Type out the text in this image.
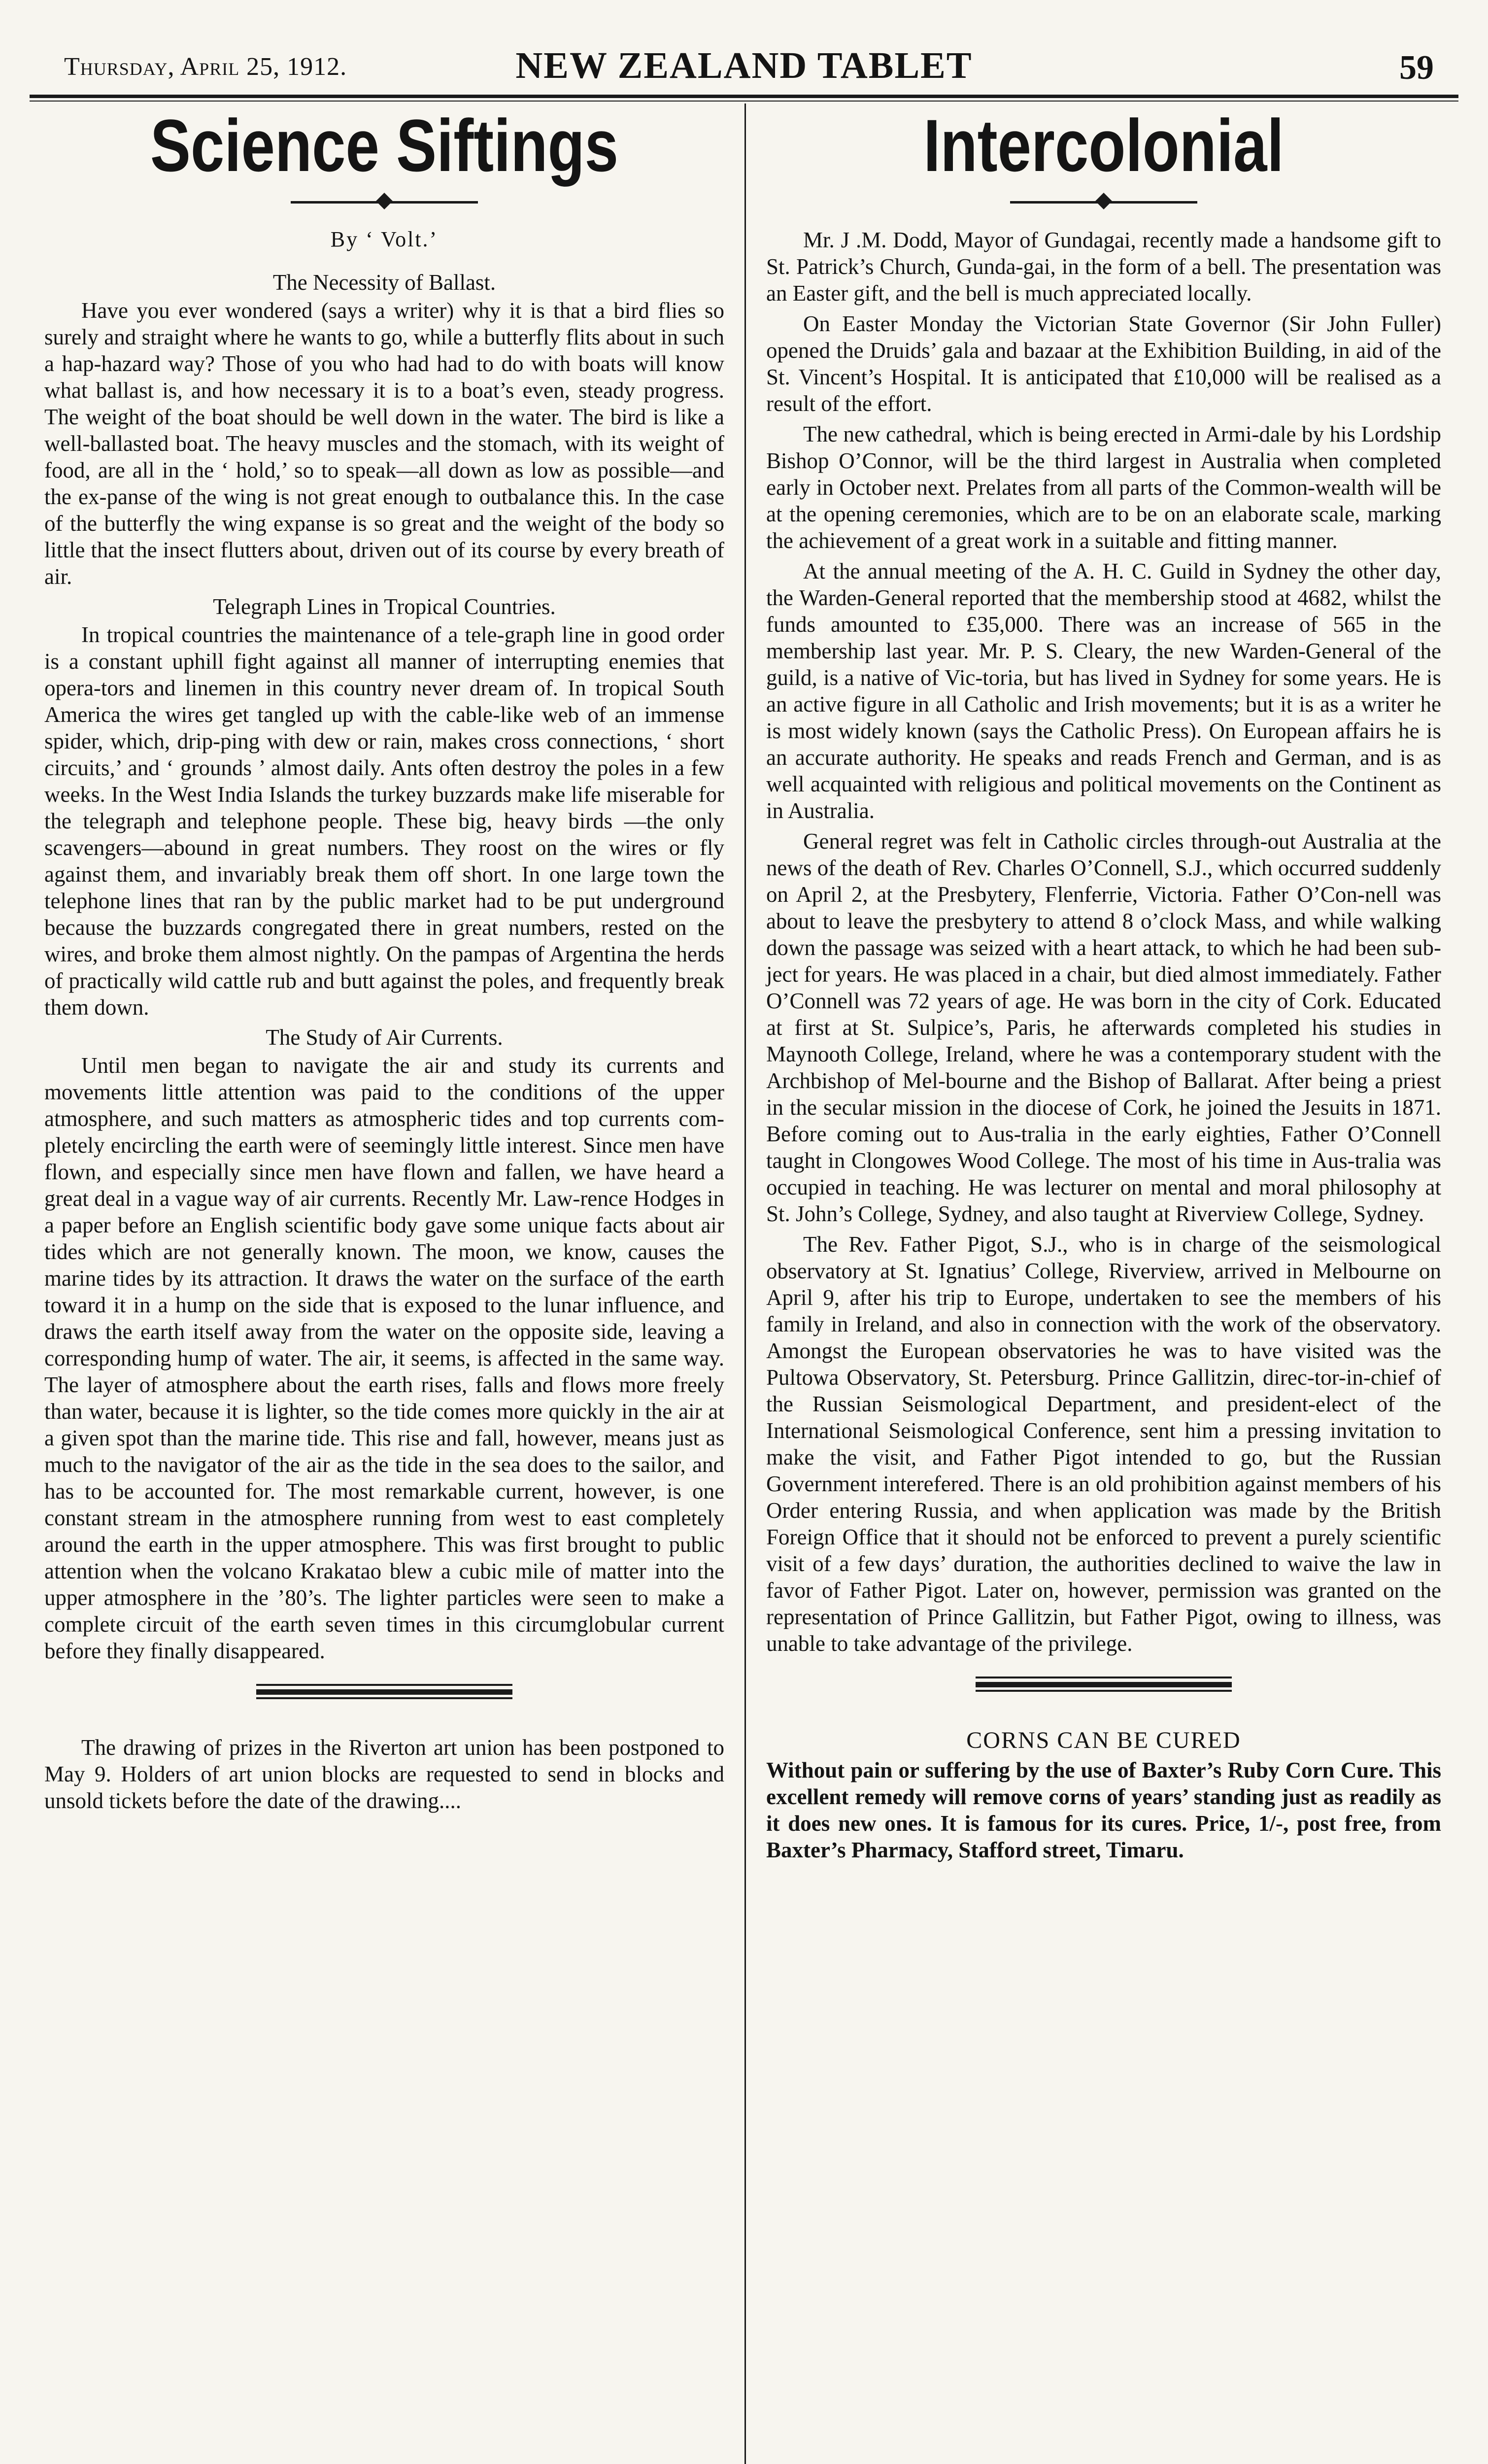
Thursday, April 25, 1912.	NEW ZEALAND TABLET	59
Science Siftings
By ‘ Volt.’
The Necessity of Ballast.

Have you ever wondered (says a writer) why it is that a bird flies so surely and straight where he wants to go, while a butterfly flits about in such a hap-hazard way? Those of you who had had to do with boats will know what ballast is, and how necessary it is to a boat’s even, steady progress. The weight of the boat should be well down in the water. The bird is like a well-ballasted boat. The heavy muscles and the stomach, with its weight of food, are all in the ‘ hold,’ so to speak—all down as low as possible—and the ex-panse of the wing is not great enough to outbalance this. In the case of the butterfly the wing expanse is so great and the weight of the body so little that the insect flutters about, driven out of its course by every breath of air.

Telegraph Lines in Tropical Countries.

In tropical countries the maintenance of a tele-graph line in good order is a constant uphill fight against all manner of interrupting enemies that opera-tors and linemen in this country never dream of. In tropical South America the wires get tangled up with the cable-like web of an immense spider, which, drip-ping with dew or rain, makes cross connections, ‘ short circuits,’ and ‘ grounds ’ almost daily. Ants often destroy the poles in a few weeks. In the West India Islands the turkey buzzards make life miserable for the telegraph and telephone people. These big, heavy birds —the only scavengers—abound in great numbers. They roost on the wires or fly against them, and invariably break them off short. In one large town the telephone lines that ran by the public market had to be put underground because the buzzards congregated there in great numbers, rested on the wires, and broke them almost nightly. On the pampas of Argentina the herds of practically wild cattle rub and butt against the poles, and frequently break them down.

The Study of Air Currents.

Until men began to navigate the air and study its currents and movements little attention was paid to the conditions of the upper atmosphere, and such matters as atmospheric tides and top currents com-pletely encircling the earth were of seemingly little interest. Since men have flown, and especially since men have flown and fallen, we have heard a great deal in a vague way of air currents. Recently Mr. Law-rence Hodges in a paper before an English scientific body gave some unique facts about air tides which are not generally known. The moon, we know, causes the marine tides by its attraction. It draws the water on the surface of the earth toward it in a hump on the side that is exposed to the lunar influence, and draws the earth itself away from the water on the opposite side, leaving a corresponding hump of water. The air, it seems, is affected in the same way. The layer of atmosphere about the earth rises, falls and flows more freely than water, because it is lighter, so the tide comes more quickly in the air at a given spot than the marine tide. This rise and fall, however, means just as much to the navigator of the air as the tide in the sea does to the sailor, and has to be accounted for. The most remarkable current, however, is one constant stream in the atmosphere running from west to east completely around the earth in the upper atmosphere. This was first brought to public attention when the volcano Krakatao blew a cubic mile of matter into the upper atmosphere in the ’80’s. The lighter particles were seen to make a complete circuit of the earth seven times in this circumglobular current before they finally disappeared.

The drawing of prizes in the Riverton art union has been postponed to May 9. Holders of art union blocks are requested to send in blocks and unsold tickets before the date of the drawing....

Intercolonial

Mr. J .M. Dodd, Mayor of Gundagai, recently made a handsome gift to St. Patrick’s Church, Gunda-gai, in the form of a bell. The presentation was an Easter gift, and the bell is much appreciated locally.

On Easter Monday the Victorian State Governor (Sir John Fuller) opened the Druids’ gala and bazaar at the Exhibition Building, in aid of the St. Vincent’s Hospital. It is anticipated that £10,000 will be realised as a result of the effort.

The new cathedral, which is being erected in Armi-dale by his Lordship Bishop O’Connor, will be the third largest in Australia when completed early in October next. Prelates from all parts of the Common-wealth will be at the opening ceremonies, which are to be on an elaborate scale, marking the achievement of a great work in a suitable and fitting manner.

At the annual meeting of the A. H. C. Guild in Sydney the other day, the Warden-General reported that the membership stood at 4682, whilst the funds amounted to £35,000. There was an increase of 565 in the membership last year. Mr. P. S. Cleary, the new Warden-General of the guild, is a native of Vic-toria, but has lived in Sydney for some years. He is an active figure in all Catholic and Irish movements; but it is as a writer he is most widely known (says the Catholic Press). On European affairs he is an accurate authority. He speaks and reads French and German, and is as well acquainted with religious and political movements on the Continent as in Australia.

General regret was felt in Catholic circles through-out Australia at the news of the death of Rev. Charles O’Connell, S.J., which occurred suddenly on April 2, at the Presbytery, Flenferrie, Victoria. Father O’Con-nell was about to leave the presbytery to attend 8 o’clock Mass, and while walking down the passage was seized with a heart attack, to which he had been sub-ject for years. He was placed in a chair, but died almost immediately. Father O’Connell was 72 years of age. He was born in the city of Cork. Educated at first at St. Sulpice’s, Paris, he afterwards completed his studies in Maynooth College, Ireland, where he was a contemporary student with the Archbishop of Mel-bourne and the Bishop of Ballarat. After being a priest in the secular mission in the diocese of Cork, he joined the Jesuits in 1871. Before coming out to Aus-tralia in the early eighties, Father O’Connell taught in Clongowes Wood College. The most of his time in Aus-tralia was occupied in teaching. He was lecturer on mental and moral philosophy at St. John’s College, Sydney, and also taught at Riverview College, Sydney.

The Rev. Father Pigot, S.J., who is in charge of the seismological observatory at St. Ignatius’ College, Riverview, arrived in Melbourne on April 9, after his trip to Europe, undertaken to see the members of his family in Ireland, and also in connection with the work of the observatory. Amongst the European observatories he was to have visited was the Pultowa Observatory, St. Petersburg. Prince Gallitzin, direc-tor-in-chief of the Russian Seismological Department, and president-elect of the International Seismological Conference, sent him a pressing invitation to make the visit, and Father Pigot intended to go, but the Russian Government interefered. There is an old prohibition against members of his Order entering Russia, and when application was made by the British Foreign Office that it should not be enforced to prevent a purely scientific visit of a few days’ duration, the authorities declined to waive the law in favor of Father Pigot. Later on, however, permission was granted on the representation of Prince Gallitzin, but Father Pigot, owing to illness, was unable to take advantage of the privilege.

CORNS CAN BE CURED

Without pain or suffering by the use of Baxter’s Ruby Corn Cure. This excellent remedy will remove corns of years’ standing just as readily as it does new ones. It is famous for its cures. Price, 1/-, post free, from Baxter’s Pharmacy, Stafford street, Timaru.
